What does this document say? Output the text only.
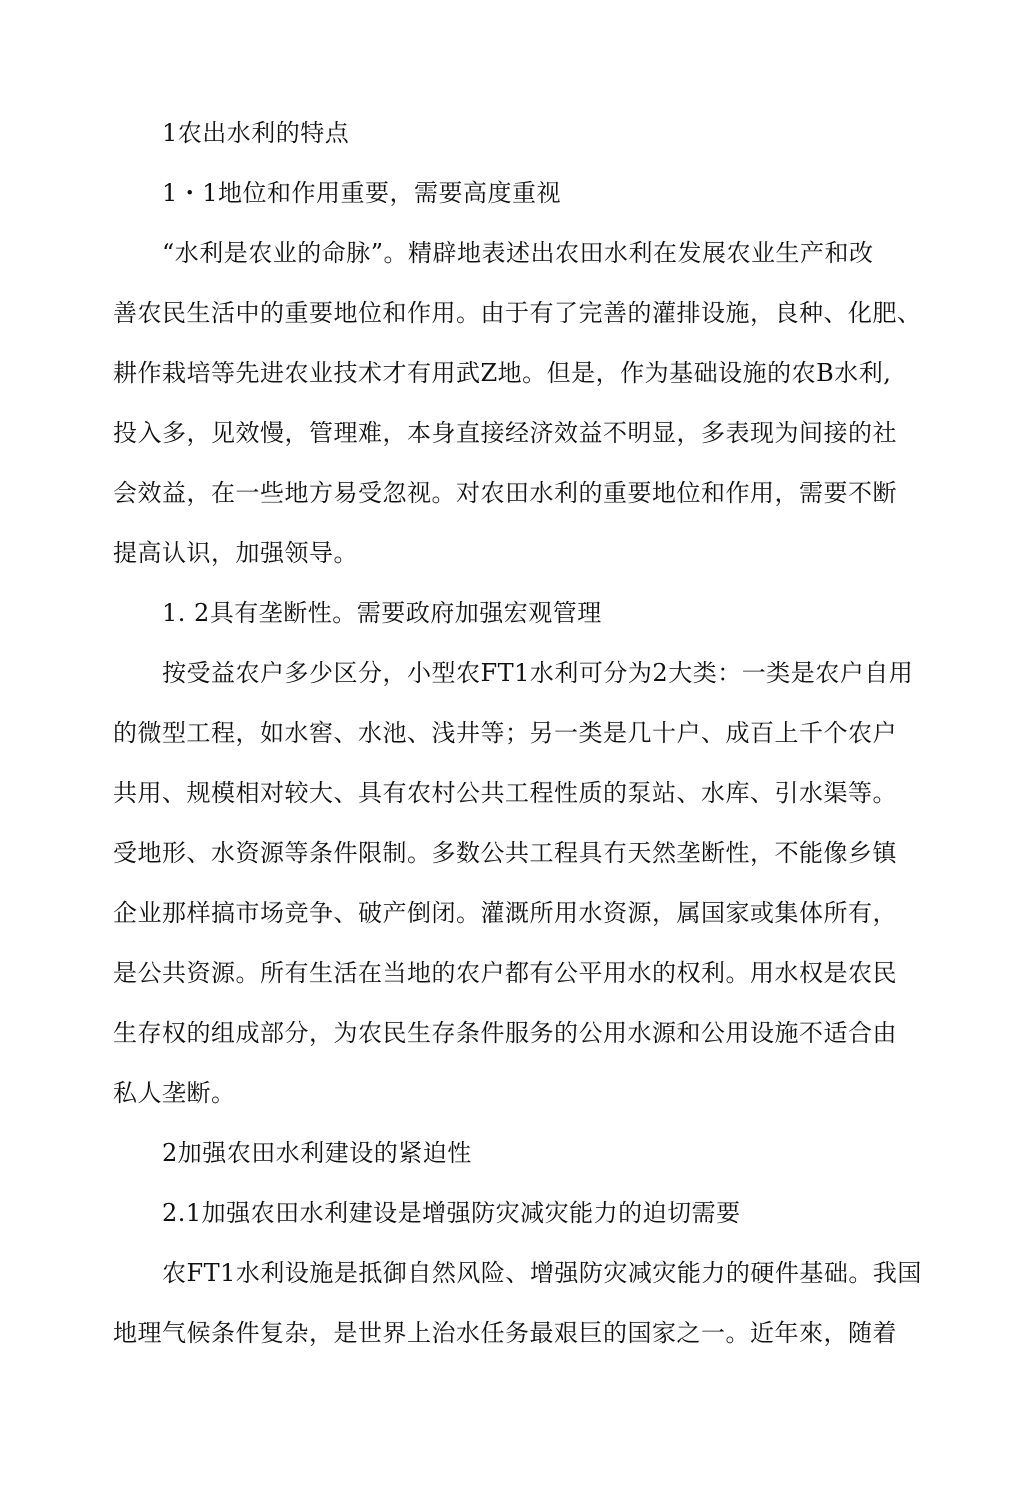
1农出水利的特点
1・1地位和作用重要，需要高度重视
“水利是农业的命脉”。精辟地表述出农田水利在发展农业生产和改
善农民生活中的重要地位和作用。由于有了完善的灌排设施，良种、化肥、
耕作栽培等先进农业技术才有用武Z地。但是，作为基础设施的农B水利,
投入多，见效慢，管理难，本身直接经济效益不明显，多表现为间接的社
会效益，在一些地方易受忽视。对农田水利的重要地位和作用，需要不断
提高认识，加强领导。
1. 2具有垄断性。需要政府加强宏观管理
按受益农户多少区分，小型农FT1水利可分为2大类：一类是农户自用
的微型工程，如水窖、水池、浅井等；另一类是几十户、成百上千个农户
共用、规模相对较大、具有农村公共工程性质的泵站、水库、引水渠等。
受地形、水资源等条件限制。多数公共工程具冇天然垄断性，不能像乡镇
企业那样搞市场竞争、破产倒闭。灌溉所用水资源，属国家或集体所有，
是公共资源。所有生活在当地的农户都有公平用水的权利。用水权是农民
生存权的组成部分，为农民生存条件服务的公用水源和公用设施不适合由
私人垄断。
2加强农田水利建设的紧迫性
2.1加强农田水利建设是增强防灾减灾能力的迫切需要
农FT1水利设施是抵御自然风险、增强防灾减灾能力的硬件基础。我国
地理气候条件复杂，是世界上治水任务最艰巨的国家之一。近年來，随着
